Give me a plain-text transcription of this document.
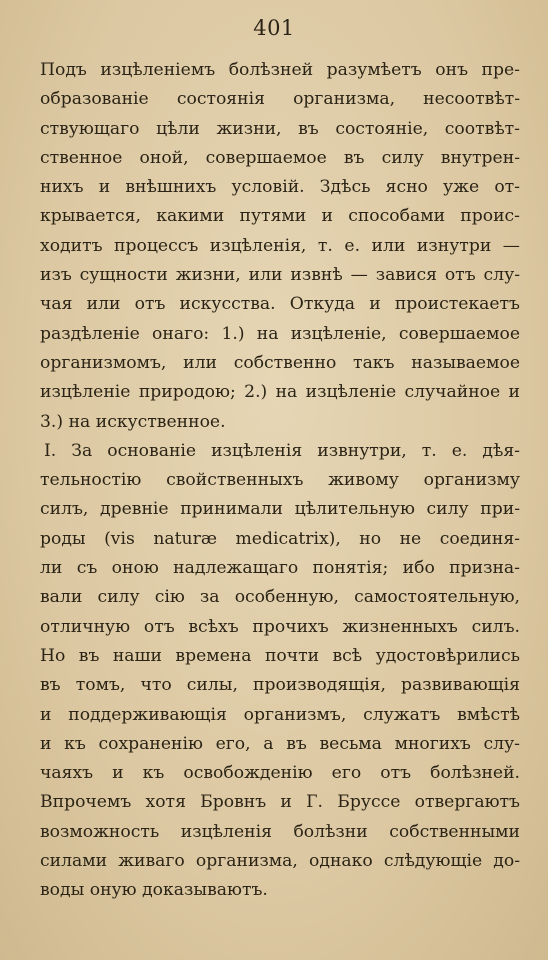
401
Подъ изцѣленіемъ болѣзней разумѣетъ онъ пре-
образованіе состоянія организма, несоотвѣт-
ствующаго цѣли жизни, въ состояніе, соотвѣт-
ственное оной, совершаемое въ силу внутрен-
нихъ и внѣшнихъ условій. Здѣсь ясно уже от-
крывается, какими путями и способами проис-
ходитъ процессъ изцѣленія, т. е. или изнутри —
изъ сущности жизни, или извнѣ — завися отъ слу-
чая или отъ искусства. Откуда и проистекаетъ
раздѣленіе онаго: 1.) на изцѣленіе, совершаемое
организмомъ, или собственно такъ называемое
изцѣленіе природою; 2.) на изцѣленіе случайное и
3.) на искуственное.
I. За основаніе изцѣленія извнутри, т. е. дѣя-
тельностію свойственныхъ живому организму
силъ, древніе принимали цѣлительную силу при-
роды (vis naturæ medicatrix), но не соединя-
ли съ оною надлежащаго понятія; ибо призна-
вали силу сію за особенную, самостоятельную,
отличную отъ всѣхъ прочихъ жизненныхъ силъ.
Но въ наши времена почти всѣ удостовѣрились
въ томъ, что силы, производящія, развивающія
и поддерживающія организмъ, служатъ вмѣстѣ
и къ сохраненію его, а въ весьма многихъ слу-
чаяхъ и къ освобожденію его отъ болѣзней.
Впрочемъ хотя Бровнъ и Г. Бруссе отвергаютъ
возможность изцѣленія болѣзни собственными
силами живаго организма, однако слѣдующіе до-
воды оную доказываютъ.
